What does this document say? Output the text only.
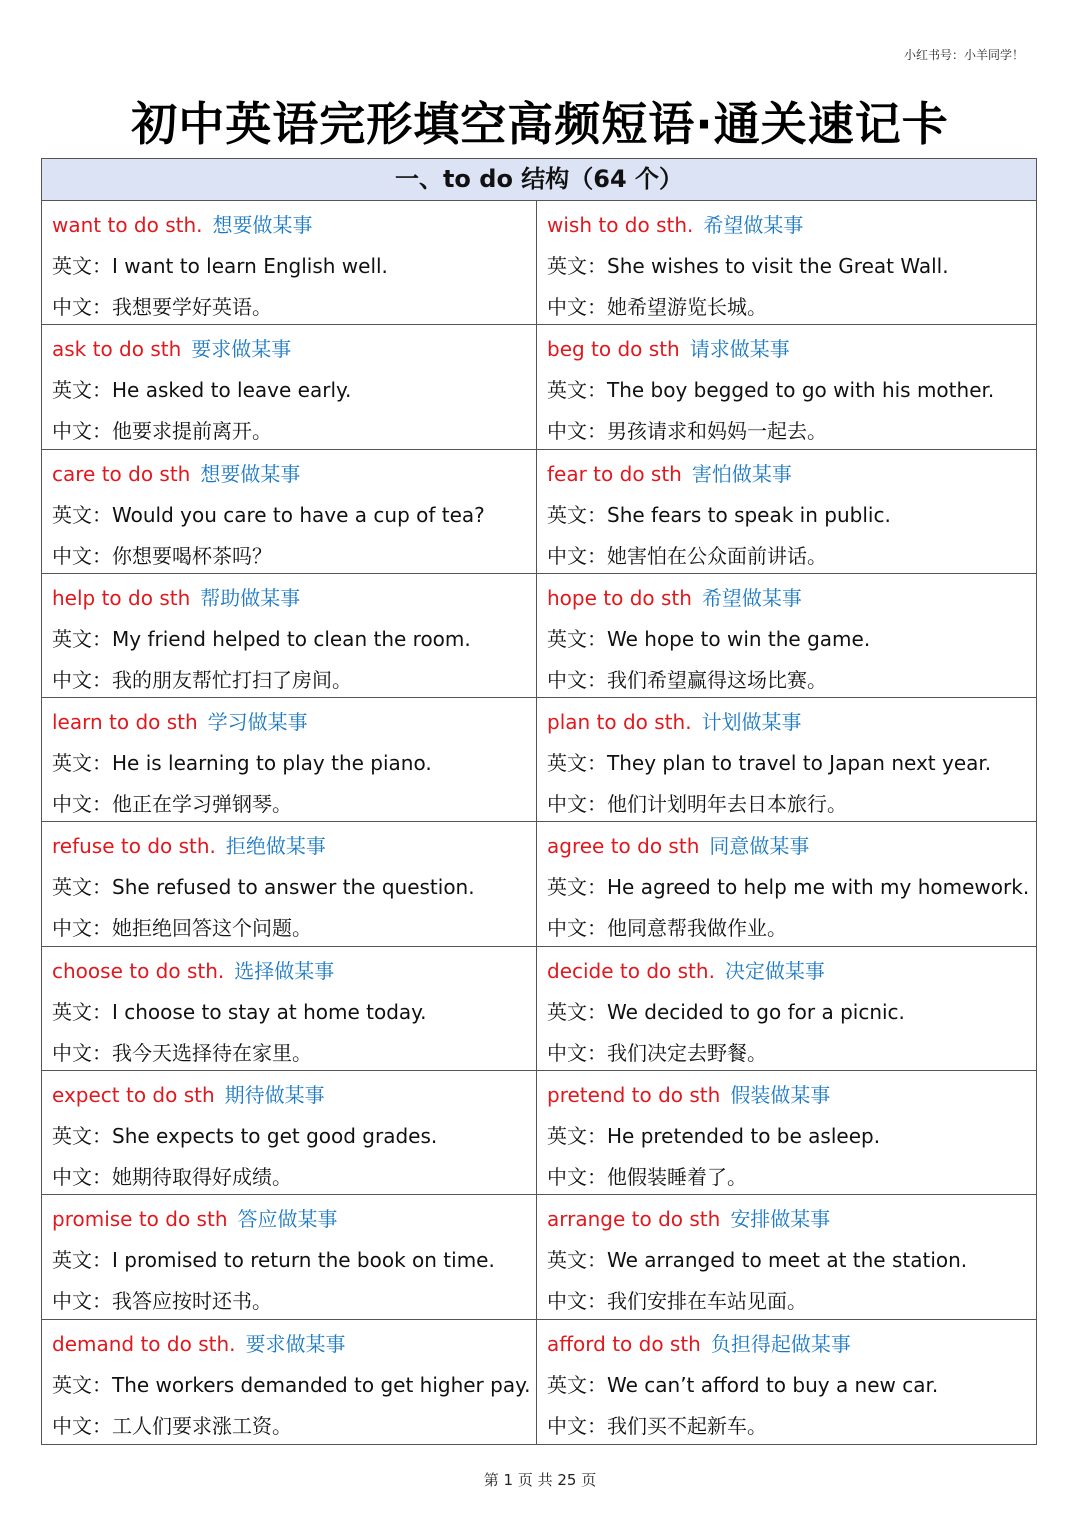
小红书号：小羊同学！
初中英语完形填空高频短语·通关速记卡
一、to do 结构（64 个）
want to do sth. 想要做某事
英文：I want to learn English well.
中文：我想要学好英语。
wish to do sth. 希望做某事
英文：She wishes to visit the Great Wall.
中文：她希望游览长城。
ask to do sth 要求做某事
英文：He asked to leave early.
中文：他要求提前离开。
beg to do sth 请求做某事
英文：The boy begged to go with his mother.
中文：男孩请求和妈妈一起去。
care to do sth 想要做某事
英文：Would you care to have a cup of tea?
中文：你想要喝杯茶吗？
fear to do sth 害怕做某事
英文：She fears to speak in public.
中文：她害怕在公众面前讲话。
help to do sth 帮助做某事
英文：My friend helped to clean the room.
中文：我的朋友帮忙打扫了房间。
hope to do sth 希望做某事
英文：We hope to win the game.
中文：我们希望赢得这场比赛。
learn to do sth 学习做某事
英文：He is learning to play the piano.
中文：他正在学习弹钢琴。
plan to do sth. 计划做某事
英文：They plan to travel to Japan next year.
中文：他们计划明年去日本旅行。
refuse to do sth. 拒绝做某事
英文：She refused to answer the question.
中文：她拒绝回答这个问题。
agree to do sth 同意做某事
英文：He agreed to help me with my homework.
中文：他同意帮我做作业。
choose to do sth. 选择做某事
英文：I choose to stay at home today.
中文：我今天选择待在家里。
decide to do sth. 决定做某事
英文：We decided to go for a picnic.
中文：我们决定去野餐。
expect to do sth 期待做某事
英文：She expects to get good grades.
中文：她期待取得好成绩。
pretend to do sth 假装做某事
英文：He pretended to be asleep.
中文：他假装睡着了。
promise to do sth 答应做某事
英文：I promised to return the book on time.
中文：我答应按时还书。
arrange to do sth 安排做某事
英文：We arranged to meet at the station.
中文：我们安排在车站见面。
demand to do sth. 要求做某事
英文：The workers demanded to get higher pay.
中文：工人们要求涨工资。
afford to do sth 负担得起做某事
英文：We can’t afford to buy a new car.
中文：我们买不起新车。
第 1 页 共 25 页
